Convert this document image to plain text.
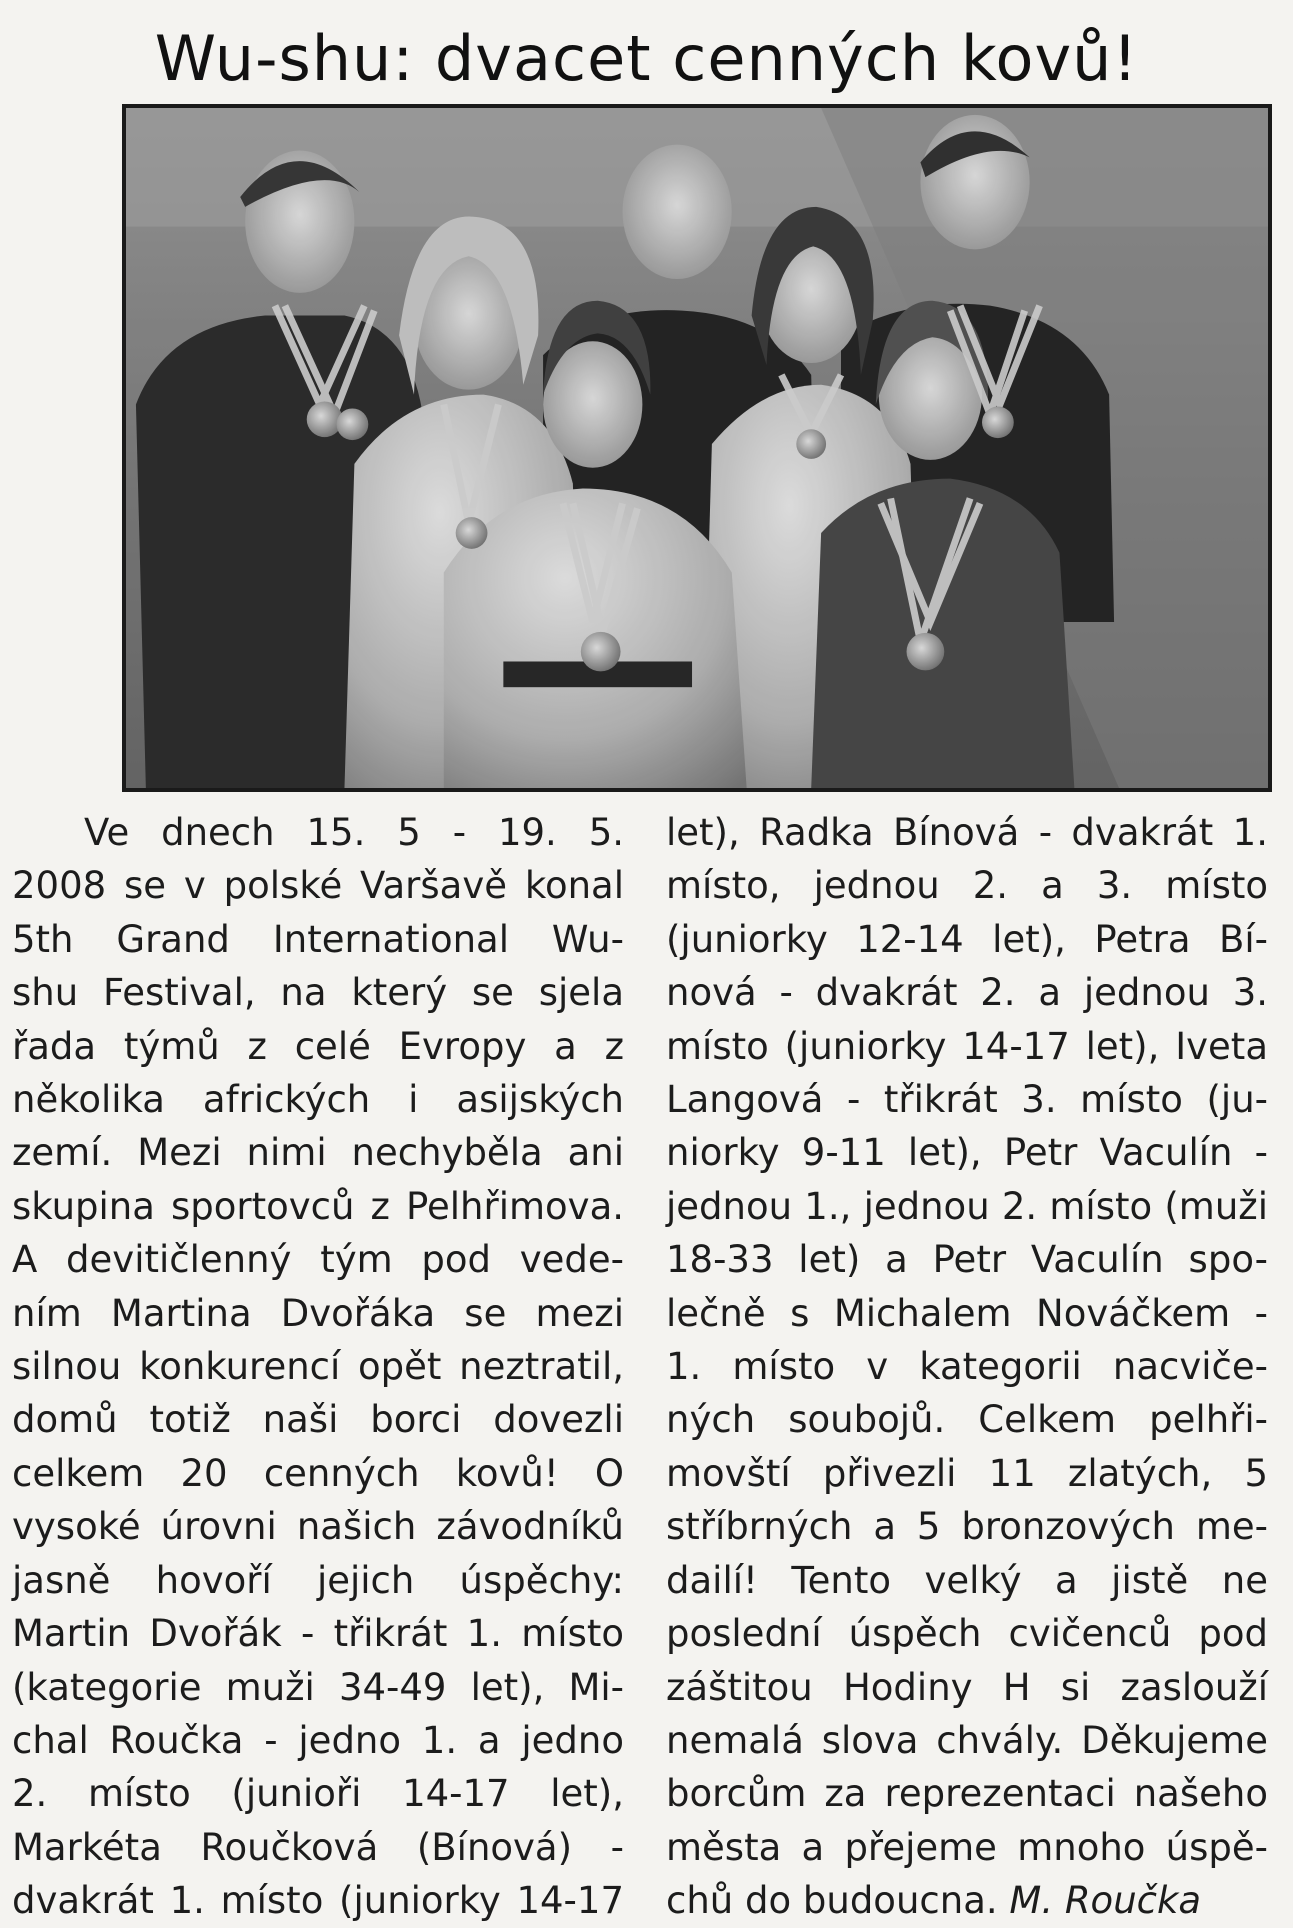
Wu-shu: dvacet cenných kovů!
Ve dnech 15. 5 - 19. 5.
2008 se v polské Varšavě konal
5th Grand International Wu-
shu Festival, na který se sjela
řada týmů z celé Evropy a z
několika afrických i asijských
zemí. Mezi nimi nechyběla ani
skupina sportovců z Pelhřimova.
A devitičlenný tým pod vede-
ním Martina Dvořáka se mezi
silnou konkurencí opět neztratil,
domů totiž naši borci dovezli
celkem 20 cenných kovů! O
vysoké úrovni našich závodníků
jasně hovoří jejich úspěchy:
Martin Dvořák - třikrát 1. místo
(kategorie muži 34-49 let), Mi-
chal Roučka - jedno 1. a jedno
2. místo (junioři 14-17 let),
Markéta Roučková (Bínová) -
dvakrát 1. místo (juniorky 14-17
let), Radka Bínová - dvakrát 1.
místo, jednou 2. a 3. místo
(juniorky 12-14 let), Petra Bí-
nová - dvakrát 2. a jednou 3.
místo (juniorky 14-17 let), Iveta
Langová - třikrát 3. místo (ju-
niorky 9-11 let), Petr Vaculín -
jednou 1., jednou 2. místo (muži
18-33 let) a Petr Vaculín spo-
lečně s Michalem Nováčkem -
1. místo v kategorii nacviče-
ných soubojů. Celkem pelhři-
movští přivezli 11 zlatých, 5
stříbrných a 5 bronzových me-
dailí! Tento velký a jistě ne
poslední úspěch cvičenců pod
záštitou Hodiny H si zaslouží
nemalá slova chvály. Děkujeme
borcům za reprezentaci našeho
města a přejeme mnoho úspě-
chů do budoucna. M. Roučka
